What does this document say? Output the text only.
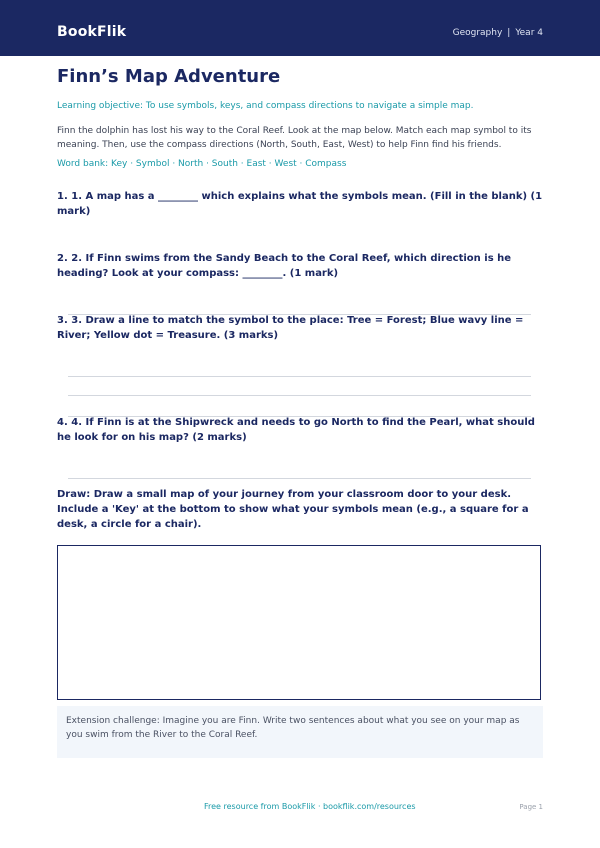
BookFlik	Geography | Year 4
Finn’s Map Adventure
Learning objective: To use symbols, keys, and compass directions to navigate a simple map.
Finn the dolphin has lost his way to the Coral Reef. Look at the map below. Match each map symbol to its meaning. Then, use the compass directions (North, South, East, West) to help Finn find his friends.
Word bank: Key · Symbol · North · South · East · West · Compass
1. 1. A map has a ________ which explains what the symbols mean. (Fill in the blank) (1 mark)
2. 2. If Finn swims from the Sandy Beach to the Coral Reef, which direction is he heading? Look at your compass: ________. (1 mark)
3. 3. Draw a line to match the symbol to the place: Tree = Forest; Blue wavy line = River; Yellow dot = Treasure. (3 marks)
4. 4. If Finn is at the Shipwreck and needs to go North to find the Pearl, what should he look for on his map? (2 marks)
Draw: Draw a small map of your journey from your classroom door to your desk. Include a 'Key' at the bottom to show what your symbols mean (e.g., a square for a desk, a circle for a chair).
Extension challenge: Imagine you are Finn. Write two sentences about what you see on your map as you swim from the River to the Coral Reef.
Free resource from BookFlik · bookflik.com/resources	Page 1
